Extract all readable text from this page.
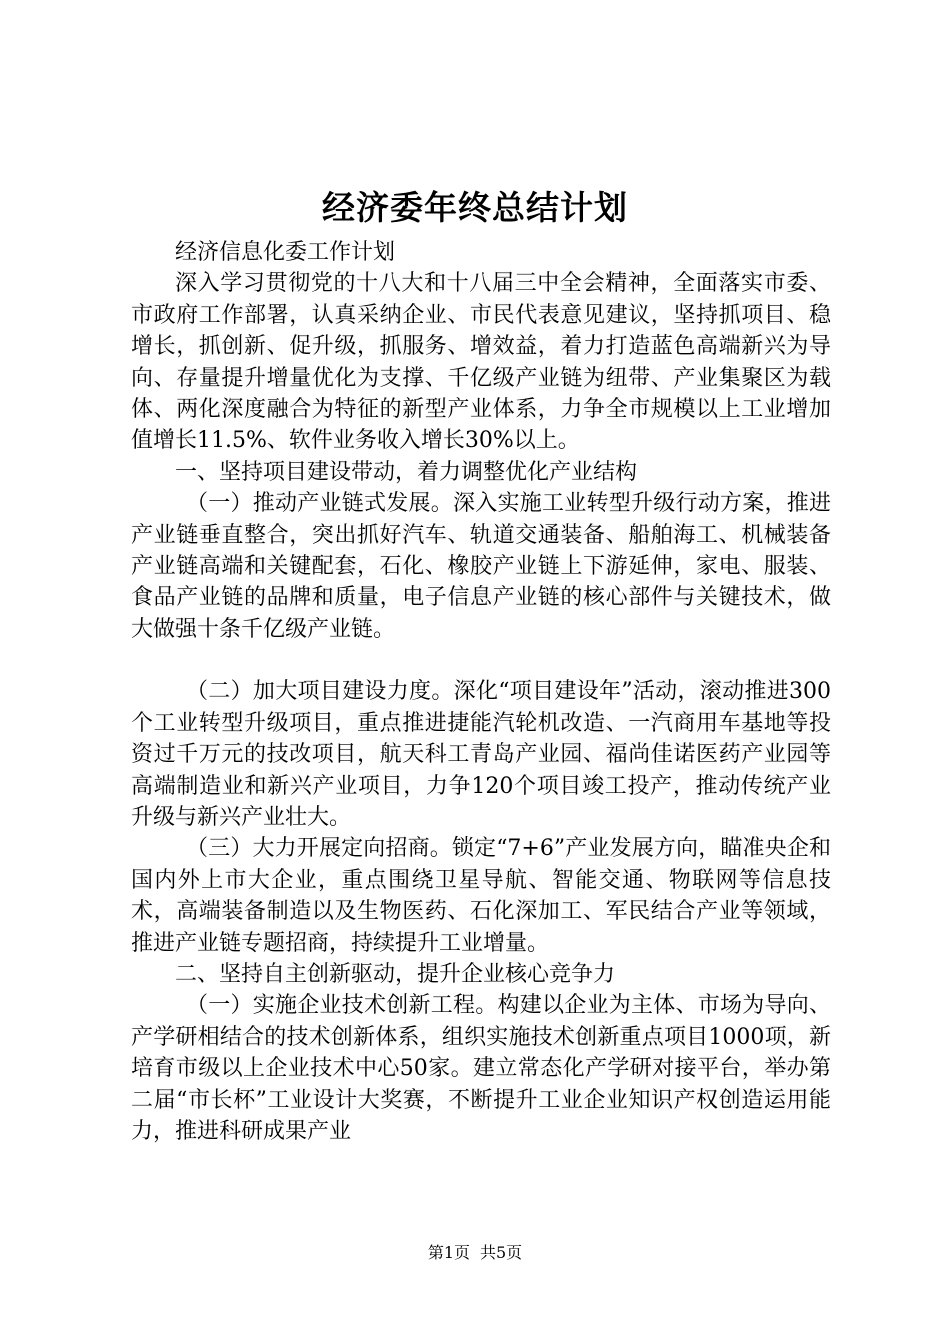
经济委年终总结计划

经济信息化委工作计划

深入学习贯彻党的十八大和十八届三中全会精神，全面落实市委、市政府工作部署，认真采纳企业、市民代表意见建议，坚持抓项目、稳增长，抓创新、促升级，抓服务、增效益，着力打造蓝色高端新兴为导向、存量提升增量优化为支撑、千亿级产业链为纽带、产业集聚区为载体、两化深度融合为特征的新型产业体系，力争全市规模以上工业增加值增长11.5%、软件业务收入增长30%以上。

一、坚持项目建设带动，着力调整优化产业结构

（一）推动产业链式发展。深入实施工业转型升级行动方案，推进产业链垂直整合，突出抓好汽车、轨道交通装备、船舶海工、机械装备产业链高端和关键配套，石化、橡胶产业链上下游延伸，家电、服装、食品产业链的品牌和质量，电子信息产业链的核心部件与关键技术，做大做强十条千亿级产业链。

（二）加大项目建设力度。深化“项目建设年”活动，滚动推进300个工业转型升级项目，重点推进捷能汽轮机改造、一汽商用车基地等投资过千万元的技改项目，航天科工青岛产业园、福尚佳诺医药产业园等高端制造业和新兴产业项目，力争120个项目竣工投产，推动传统产业升级与新兴产业壮大。

（三）大力开展定向招商。锁定“7+6”产业发展方向，瞄准央企和国内外上市大企业，重点围绕卫星导航、智能交通、物联网等信息技术，高端装备制造以及生物医药、石化深加工、军民结合产业等领域，推进产业链专题招商，持续提升工业增量。

二、坚持自主创新驱动，提升企业核心竞争力

（一）实施企业技术创新工程。构建以企业为主体、市场为导向、产学研相结合的技术创新体系，组织实施技术创新重点项目1000项，新培育市级以上企业技术中心50家。建立常态化产学研对接平台，举办第二届“市长杯”工业设计大奖赛，不断提升工业企业知识产权创造运用能力，推进科研成果产业

第1页 共5页
